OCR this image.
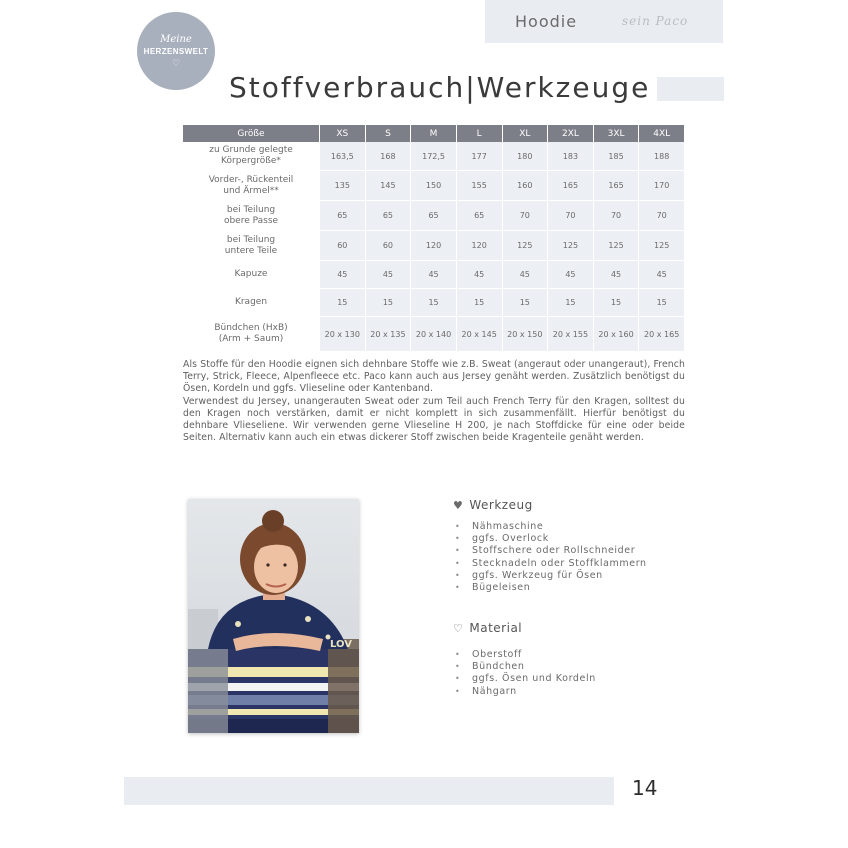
Meine
HERZENSWELT
♡
Hoodie	sein Paco
Stoffverbrauch|Werkzeuge
Größe	XS	S	M	L	XL	2XL	3XL	4XL
zu Grunde gelegte
Körpergröße*	163,5	168	172,5	177	180	183	185	188
Vorder-, Rückenteil
und Ärmel**	135	145	150	155	160	165	165	170
bei Teilung
obere Passe	65	65	65	65	70	70	70	70
bei Teilung
untere Teile	60	60	120	120	125	125	125	125
Kapuze	45	45	45	45	45	45	45	45
Kragen	15	15	15	15	15	15	15	15
Bündchen (HxB)
(Arm + Saum)	20 x 130	20 x 135	20 x 140	20 x 145	20 x 150	20 x 155	20 x 160	20 x 165

Als Stoffe für den Hoodie eignen sich dehnbare Stoffe wie z.B. Sweat (angeraut oder unangeraut), French Terry, Strick, Fleece, Alpenfleece etc. Paco kann auch aus Jersey genäht werden. Zusätzlich benötigst du Ösen, Kordeln und ggfs. Vlieseline oder Kantenband.

Verwendest du Jersey, unangerauten Sweat oder zum Teil auch French Terry für den Kragen, solltest du den Kragen noch verstärken, damit er nicht komplett in sich zusammenfällt. Hierfür benötigst du dehnbare Vlieseliene. Wir verwenden gerne Vlieseline H 200, je nach Stoffdicke für eine oder beide Seiten. Alternativ kann auch ein etwas dickerer Stoff zwischen beide Kragenteile genäht werden.

LOV
♥ Werkzeug
• Nähmaschine
• ggfs. Overlock
• Stoffschere oder Rollschneider
• Stecknadeln oder Stoffklammern
• ggfs. Werkzeug für Ösen
• Bügeleisen
♡ Material
• Oberstoff
• Bündchen
• ggfs. Ösen und Kordeln
• Nähgarn
14
